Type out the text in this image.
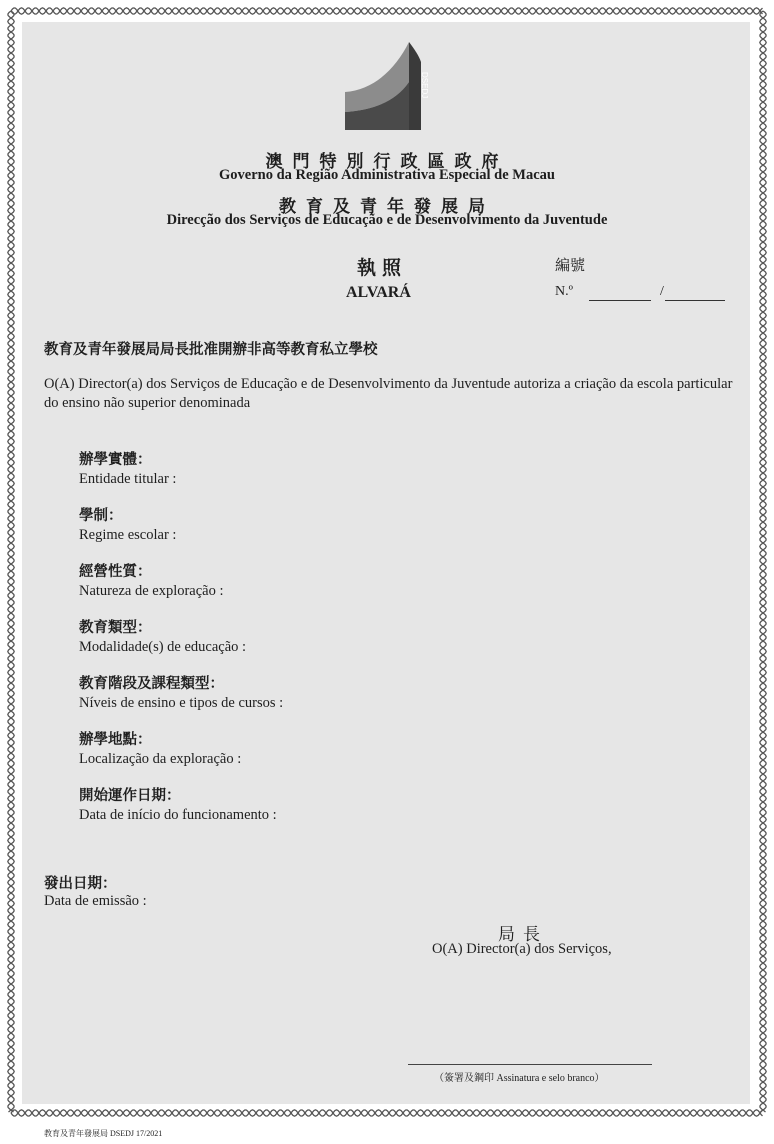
DSEDJ
澳門特別行政區政府
Governo da Região Administrativa Especial de Macau
教育及青年發展局
Direcção dos Serviços de Educação e de Desenvolvimento da Juventude
執照
ALVARÁ
編號
N.º	/
教育及青年發展局局長批准開辦非高等教育私立學校
O(A) Director(a) dos Serviços de Educação e de Desenvolvimento da Juventude autoriza a criação da escola particular do ensino não superior denominada
辦學實體：
Entidade titular :
學制：
Regime escolar :
經營性質：
Natureza de exploração :
教育類型：
Modalidade(s) de educação :
教育階段及課程類型：
Níveis de ensino e tipos de cursos :
辦學地點：
Localização da exploração :
開始運作日期：
Data de início do funcionamento :
發出日期：
Data de emissão :
局長
O(A) Director(a) dos Serviços,
（簽署及鋼印 Assinatura e selo branco）
教育及青年發展局 DSEDJ 17/2021
